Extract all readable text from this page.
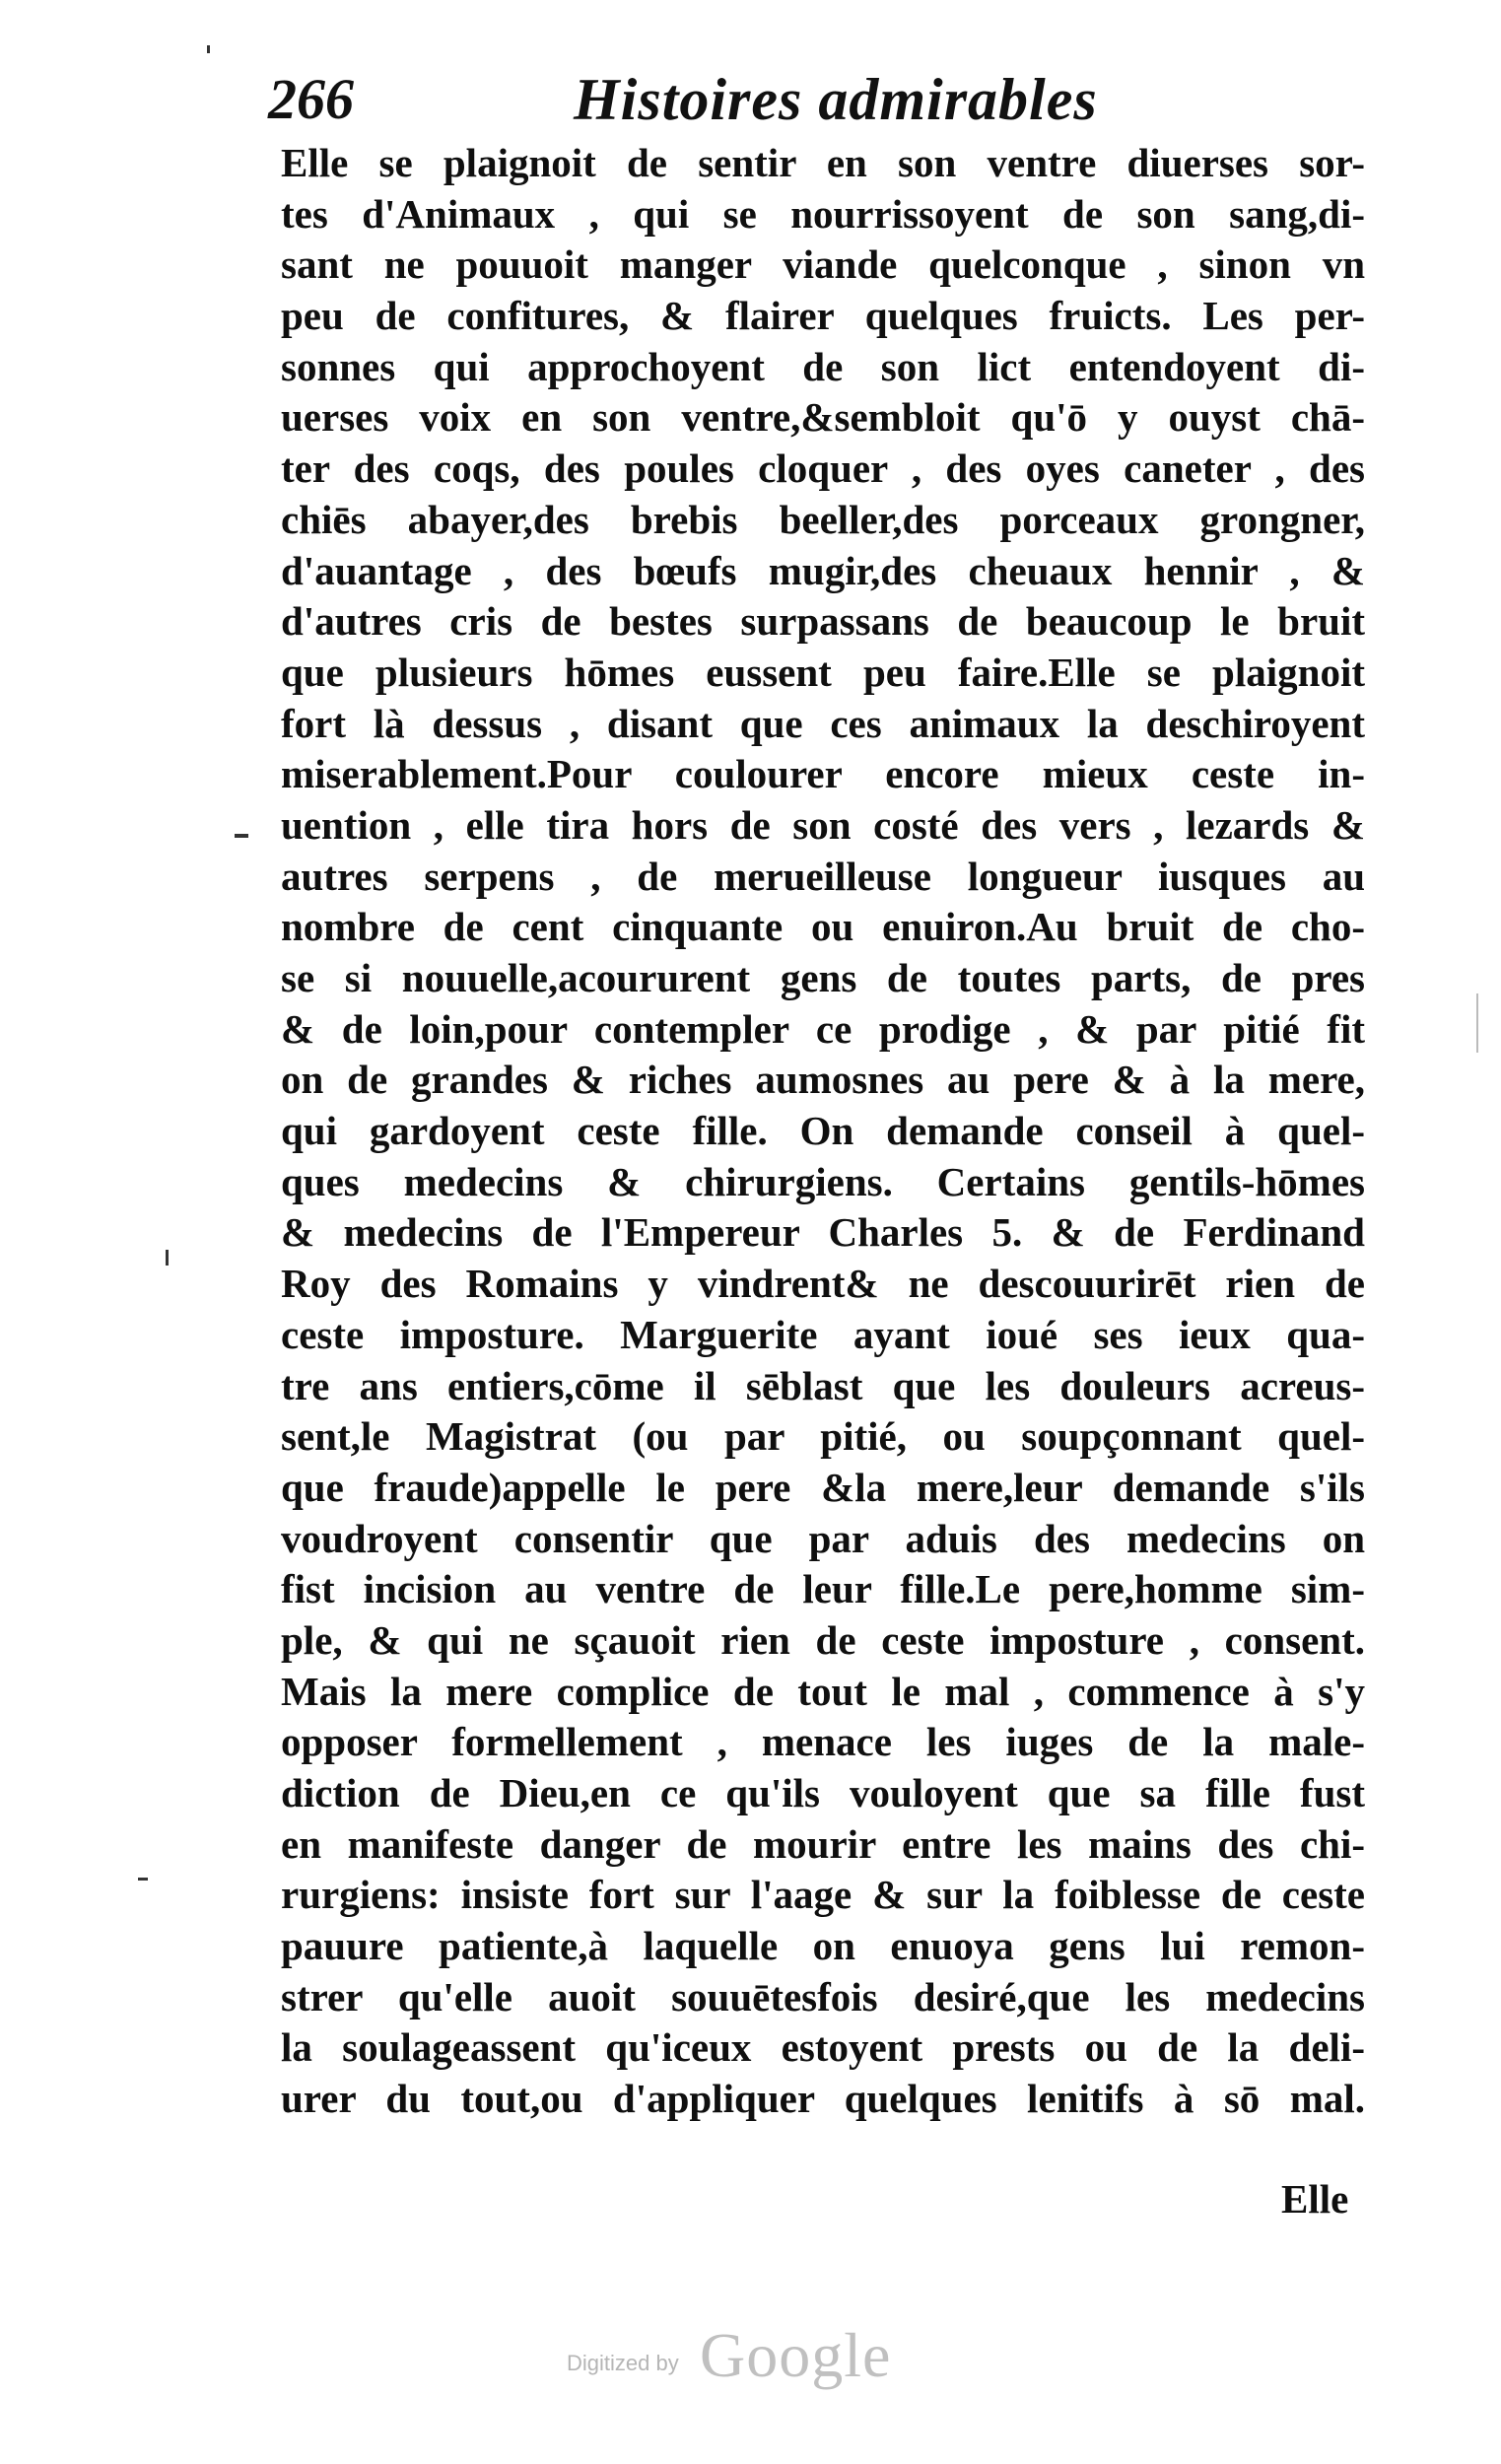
266	Histoires admirables
Elle se plaignoit de sentir en son ventre diuerses sor-
tes d'Animaux , qui se nourrissoyent de son sang,di-
sant ne pouuoit manger viande quelconque , sinon vn
peu de confitures, & flairer quelques fruicts. Les per-
sonnes qui approchoyent de son lict entendoyent di-
uerses voix en son ventre,&sembloit qu'ō y ouyst chā-
ter des coqs, des poules cloquer , des oyes caneter , des
chiēs abayer,des brebis beeller,des porceaux grongner,
d'auantage , des bœufs mugir,des cheuaux hennir , &
d'autres cris de bestes surpassans de beaucoup le bruit
que plusieurs hōmes eussent peu faire.Elle se plaignoit
fort là dessus , disant que ces animaux la deschiroyent
miserablement.Pour coulourer encore mieux ceste in-
uention , elle tira hors de son costé des vers , lezards &
autres serpens , de merueilleuse longueur iusques au
nombre de cent cinquante ou enuiron.Au bruit de cho-
se si nouuelle,acoururent gens de toutes parts, de pres
& de loin,pour contempler ce prodige , & par pitié fit
on de grandes & riches aumosnes au pere & à la mere,
qui gardoyent ceste fille. On demande conseil à quel-
ques medecins & chirurgiens. Certains gentils-hōmes
& medecins de l'Empereur Charles 5. & de Ferdinand
Roy des Romains y vindrent& ne descouurirēt rien de
ceste imposture. Marguerite ayant ioué ses ieux qua-
tre ans entiers,cōme il sēblast que les douleurs acreus-
sent,le Magistrat (ou par pitié, ou soupçonnant quel-
que fraude)appelle le pere &la mere,leur demande s'ils
voudroyent consentir que par aduis des medecins on
fist incision au ventre de leur fille.Le pere,homme sim-
ple, & qui ne sçauoit rien de ceste imposture , consent.
Mais la mere complice de tout le mal , commence à s'y
opposer formellement , menace les iuges de la male-
diction de Dieu,en ce qu'ils vouloyent que sa fille fust
en manifeste danger de mourir entre les mains des chi-
rurgiens: insiste fort sur l'aage & sur la foiblesse de ceste
pauure patiente,à laquelle on enuoya gens lui remon-
strer qu'elle auoit souuētesfois desiré,que les medecins
la soulageassent qu'iceux estoyent prests ou de la deli-
urer du tout,ou d'appliquer quelques lenitifs à sō mal.
Elle
Digitized by Google
